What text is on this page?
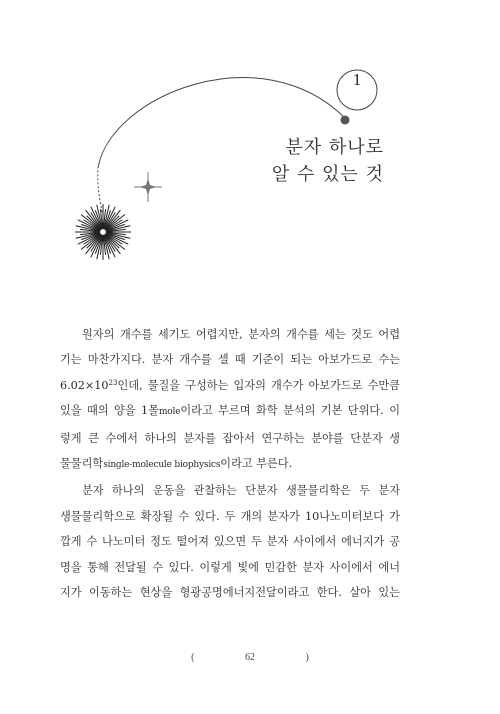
1
분자 하나로
알 수 있는 것
원자의 개수를 세기도 어렵지만, 분자의 개수를 세는 것도 어렵
기는 마찬가지다. 분자 개수를 셀 때 기준이 되는 아보가드로 수는
$6.02\times 10^{23}$인데, 물질을 구성하는 입자의 개수가 아보가드로 수만큼
있을 때의 양을 1몰mole이라고 부르며 화학 분석의 기본 단위다. 이
렇게 큰 수에서 하나의 분자를 잡아서 연구하는 분야를 단분자 생
물물리학single-molecule biophysics이라고 부른다.
분자 하나의 운동을 관찰하는 단분자 생물물리학은 두 분자
생물물리학으로 확장될 수 있다. 두 개의 분자가 10나노미터보다 가
깝게 수 나노미터 정도 떨어져 있으면 두 분자 사이에서 에너지가 공
명을 통해 전달될 수 있다. 이렇게 빛에 민감한 분자 사이에서 에너
지가 이동하는 현상을 형광공명에너지전달이라고 한다. 살아 있는
(	62	)
